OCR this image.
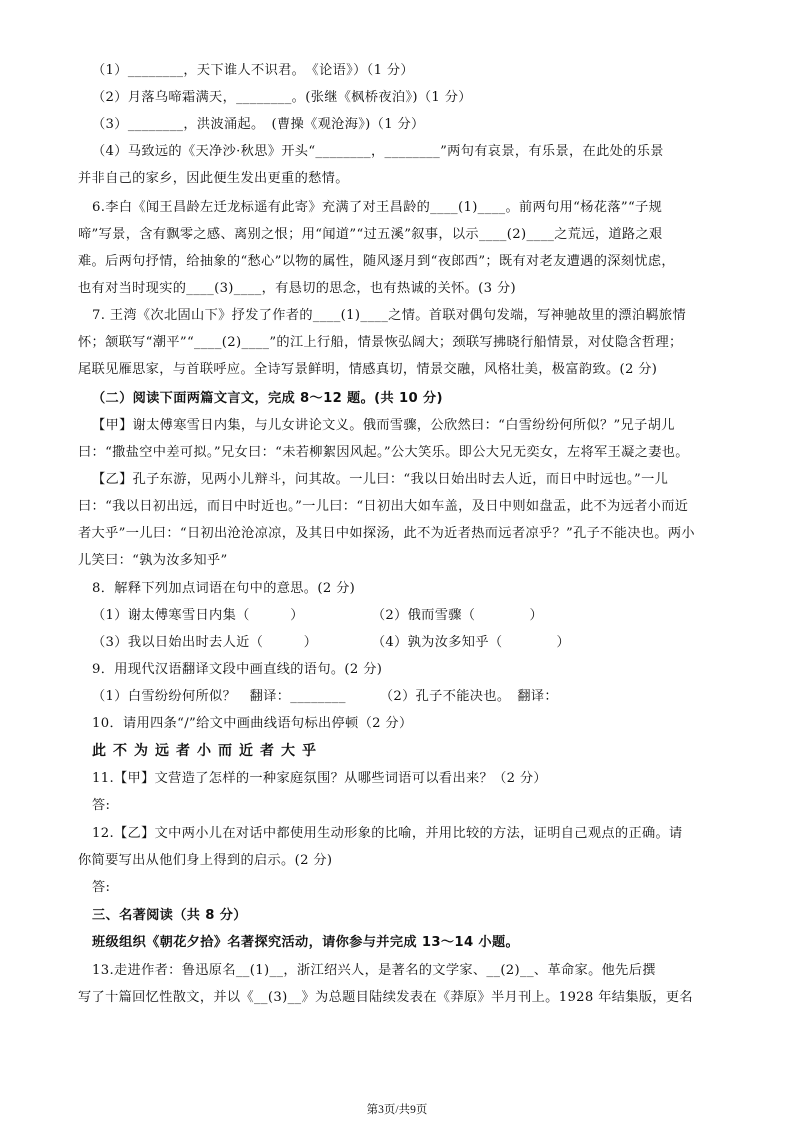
（1）________，天下谁人不识君。　《论语》）（1 分）
（2）月落乌啼霜满天，________。(张继《枫桥夜泊》)（1 分）
（3）________，洪波涌起。　(曹操《观沧海》)（1 分）
（4）马致远的《天净沙·秋思》开头“________，________”两句有哀景，有乐景，在此处的乐景
并非自己的家乡，因此便生发出更重的愁情。
6.李白《闻王昌龄左迁龙标遥有此寄》充满了对王昌龄的____(1)____。前两句用“杨花落”“子规
啼”写景，含有飘零之感、离别之恨；用“闻道”“过五溪”叙事，以示____(2)____之荒远，道路之艰
难。后两句抒情，给抽象的“愁心”以物的属性，随风逐月到“夜郎西”；既有对老友遭遇的深刻忧虑，
也有对当时现实的____(3)____，有恳切的思念，也有热诚的关怀。(3 分)
7. 王湾《次北固山下》抒发了作者的____(1)____之情。首联对偶句发端，写神驰故里的漂泊羁旅情
怀；颔联写“潮平”“____(2)____”的江上行船，情景恢弘阔大；颈联写拂晓行船情景，对仗隐含哲理；
尾联见雁思家，与首联呼应。全诗写景鲜明，情感真切，情景交融，风格壮美，极富韵致。(2 分)
（二）阅读下面两篇文言文，完成 8～12 题。(共 10 分)
【甲】谢太傅寒雪日内集，与儿女讲论文义。俄而雪骤，公欣然曰：“白雪纷纷何所似？”兄子胡儿
曰：“撒盐空中差可拟。”兄女曰：“未若柳絮因风起。”公大笑乐。即公大兄无奕女，左将军王凝之妻也。
【乙】孔子东游，见两小儿辩斗，问其故。一儿曰：“我以日始出时去人近，而日中时远也。”一儿
曰：“我以日初出远，而日中时近也。”一儿曰：“日初出大如车盖，及日中则如盘盂，此不为远者小而近
者大乎”一儿曰：“日初出沧沧凉凉，及其日中如探汤，此不为近者热而远者凉乎？”孔子不能决也。两小
儿笑曰：“孰为汝多知乎”
8．解释下列加点词语在句中的意思。(2 分)
（1）谢太傅寒雪日内集（　　　）　　　　　　（2）俄而雪骤（　　　　）
（3）我以日始出时去人近（　　　）　　　　　（4）孰为汝多知乎（　　　　）
9．用现代汉语翻译文段中画直线的语句。(2 分)
（1）白雪纷纷何所似？　翻译：________　　　（2）孔子不能决也。　翻译：
10．请用四条“/”给文中画曲线语句标出停顿（2 分）
此不为远者小而近者大乎
11.【甲】文营造了怎样的一种家庭氛围？从哪些词语可以看出来？（2 分）
答:
12.【乙】文中两小儿在对话中都使用生动形象的比喻，并用比较的方法，证明自己观点的正确。请
你简要写出从他们身上得到的启示。(2 分)
答:
三、名著阅读（共 8 分）
班级组织《朝花夕拾》名著探究活动，请你参与并完成 13～14 小题。
13.走进作者：鲁迅原名__(1)__，浙江绍兴人，是著名的文学家、__(2)__、革命家。他先后撰
写了十篇回忆性散文，并以《__(3)__》为总题目陆续发表在《莽原》半月刊上。1928 年结集版，更名
第3页/共9页
